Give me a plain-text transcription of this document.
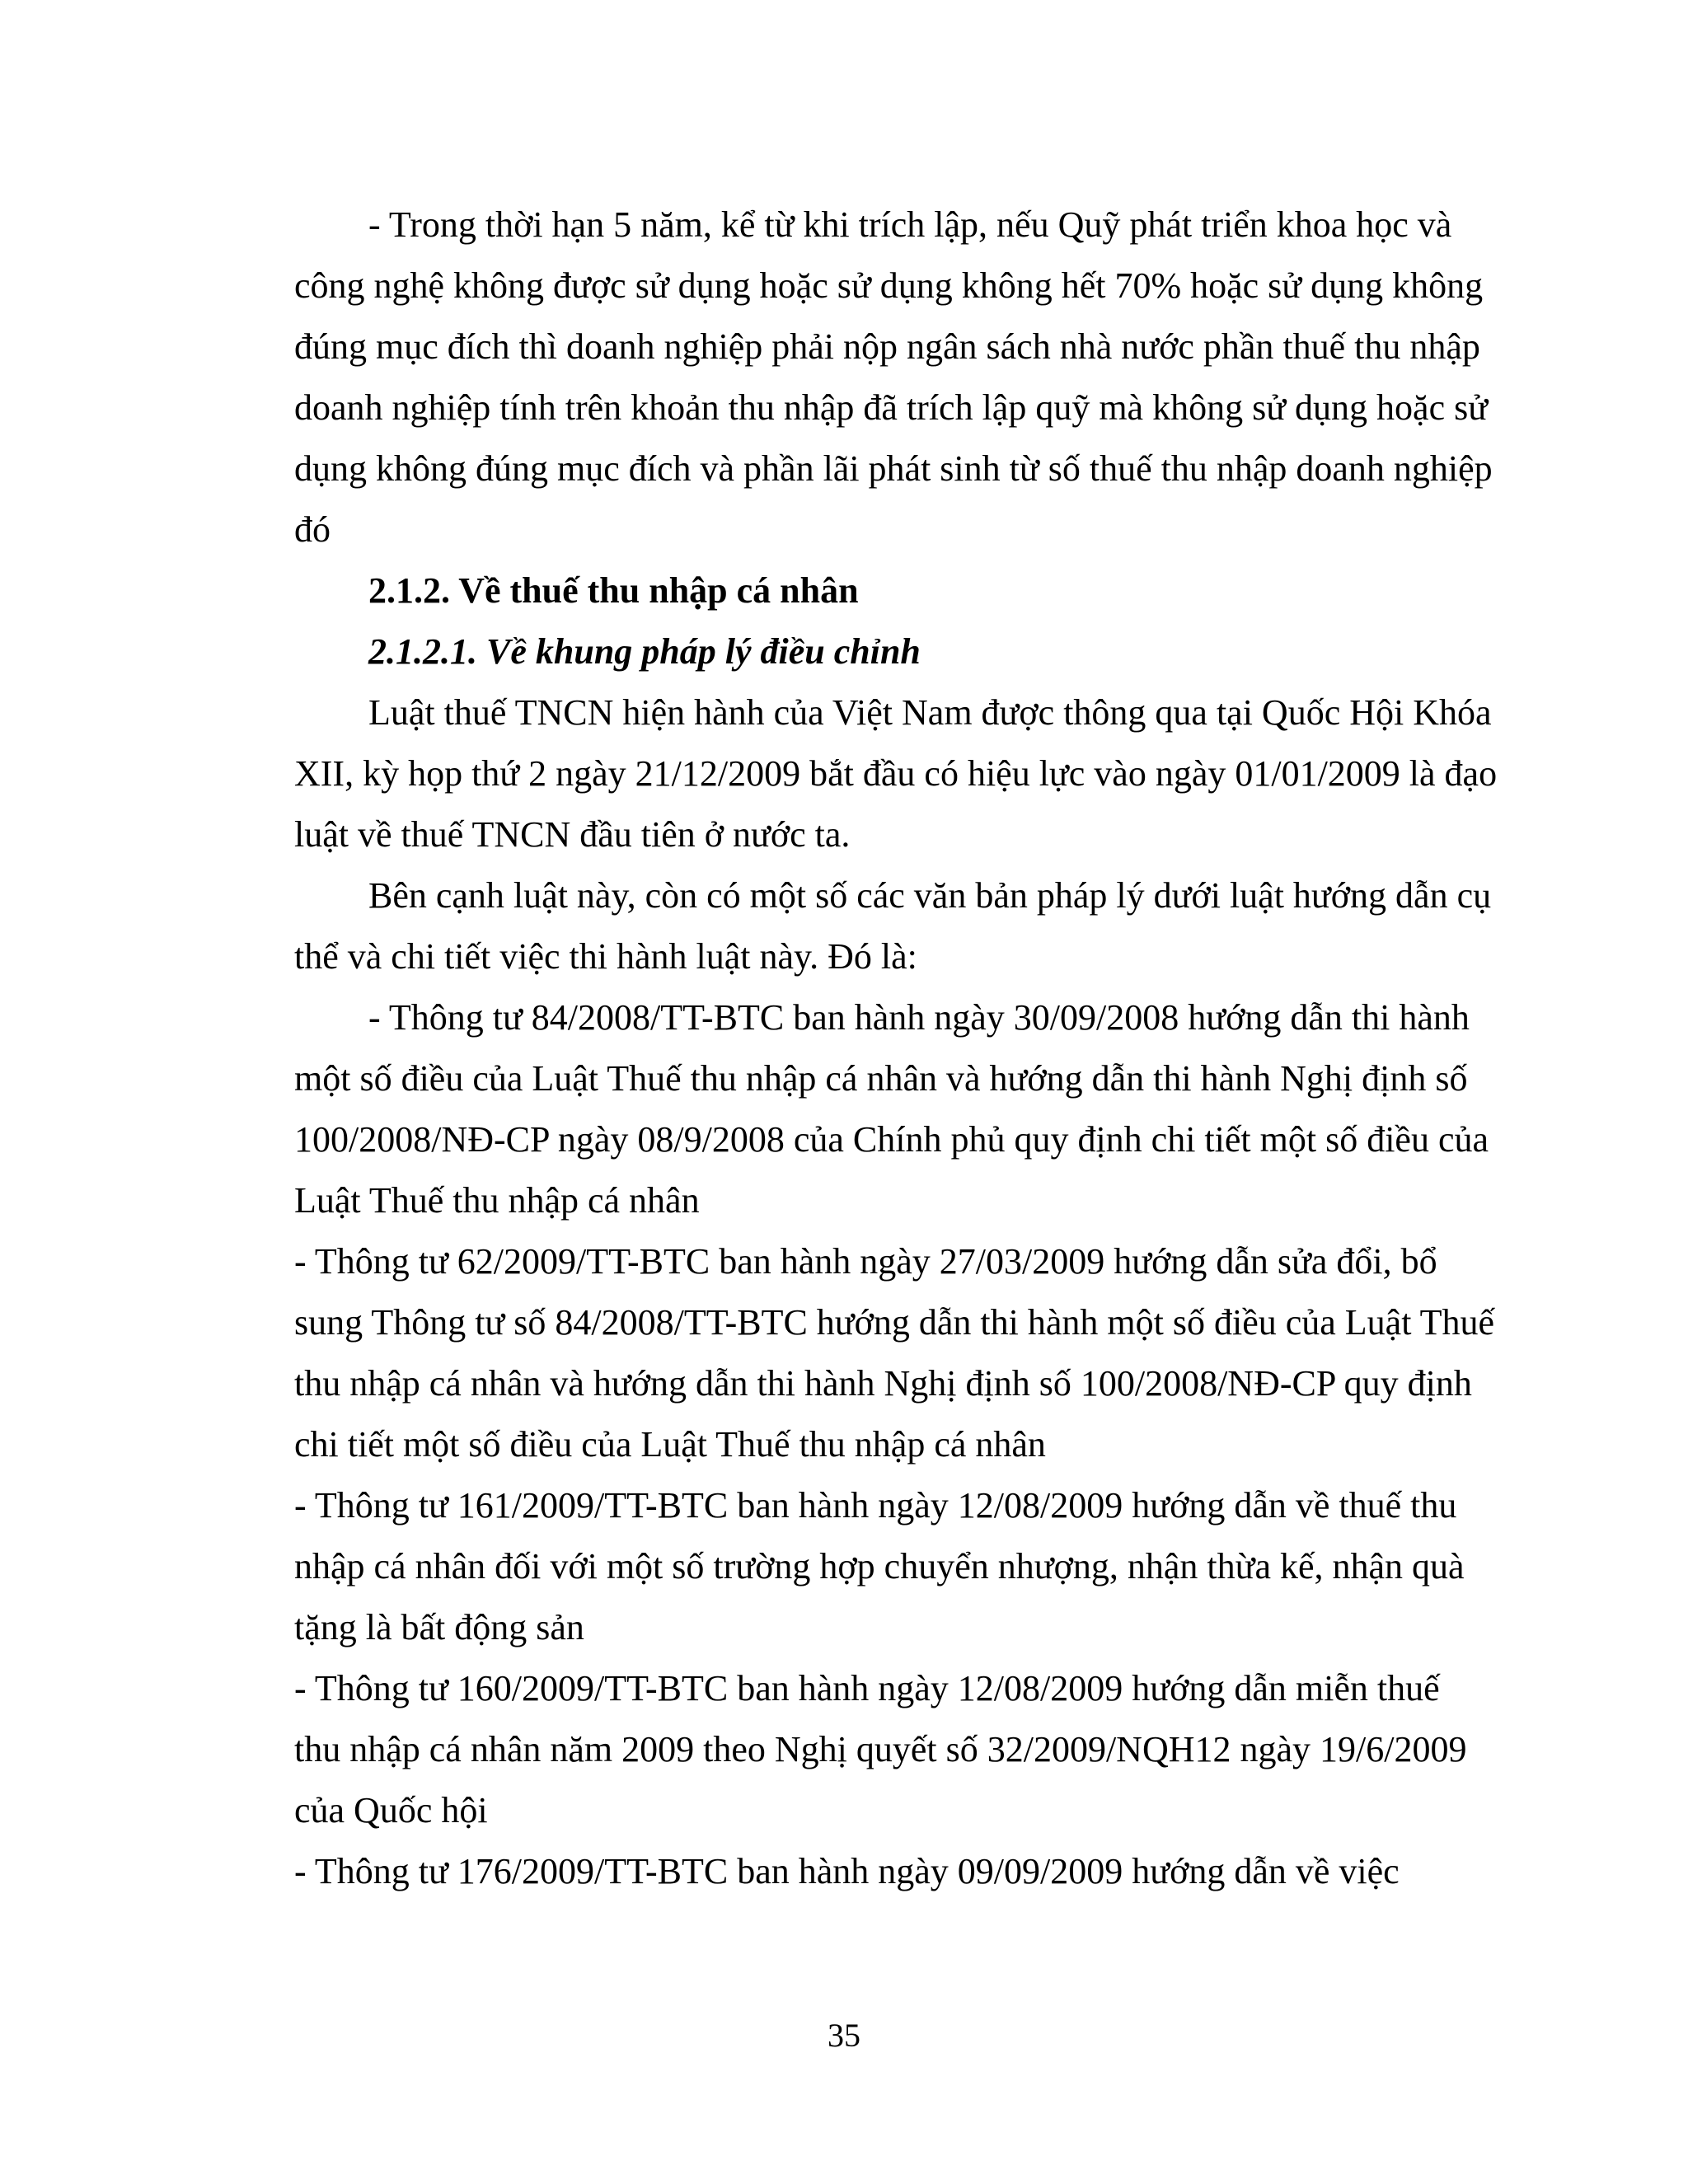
- Trong thời hạn 5 năm, kể từ khi trích lập, nếu Quỹ phát triển khoa học và

công nghệ không được sử dụng hoặc sử dụng không hết 70% hoặc sử dụng không

đúng mục đích thì doanh nghiệp phải nộp ngân sách nhà nước phần thuế thu nhập

doanh nghiệp tính trên khoản thu nhập đã trích lập quỹ mà không sử dụng hoặc sử

dụng không đúng mục đích và phần lãi phát sinh từ số thuế thu nhập doanh nghiệp

đó

2.1.2. Về thuế thu nhập cá nhân

2.1.2.1. Về khung pháp lý điều chỉnh

Luật thuế TNCN hiện hành của Việt Nam được thông qua tại Quốc Hội Khóa

XII, kỳ họp thứ 2 ngày 21/12/2009 bắt đầu có hiệu lực vào ngày 01/01/2009 là đạo

luật về thuế TNCN đầu tiên ở nước ta.

Bên cạnh luật này, còn có một số các văn bản pháp lý dưới luật hướng dẫn cụ

thể và chi tiết việc thi hành luật này. Đó là:

- Thông tư 84/2008/TT-BTC ban hành ngày 30/09/2008 hướng dẫn thi hành

một số điều của Luật Thuế thu nhập cá nhân và hướng dẫn thi hành Nghị định số

100/2008/NĐ-CP ngày 08/9/2008 của Chính phủ quy định chi tiết một số điều của

Luật Thuế thu nhập cá nhân

- Thông tư 62/2009/TT-BTC ban hành ngày 27/03/2009 hướng dẫn sửa đổi, bổ

sung Thông tư số 84/2008/TT-BTC hướng dẫn thi hành một số điều của Luật Thuế

thu nhập cá nhân và hướng dẫn thi hành Nghị định số 100/2008/NĐ-CP quy định

chi tiết một số điều của Luật Thuế thu nhập cá nhân

- Thông tư 161/2009/TT-BTC ban hành ngày 12/08/2009 hướng dẫn về thuế thu

nhập cá nhân đối với một số trường hợp chuyển nhượng, nhận thừa kế, nhận quà

tặng là bất động sản

- Thông tư 160/2009/TT-BTC ban hành ngày 12/08/2009 hướng dẫn miễn thuế

thu nhập cá nhân năm 2009 theo Nghị quyết số 32/2009/NQH12 ngày 19/6/2009

của Quốc hội

- Thông tư 176/2009/TT-BTC ban hành ngày 09/09/2009 hướng dẫn về việc

35
